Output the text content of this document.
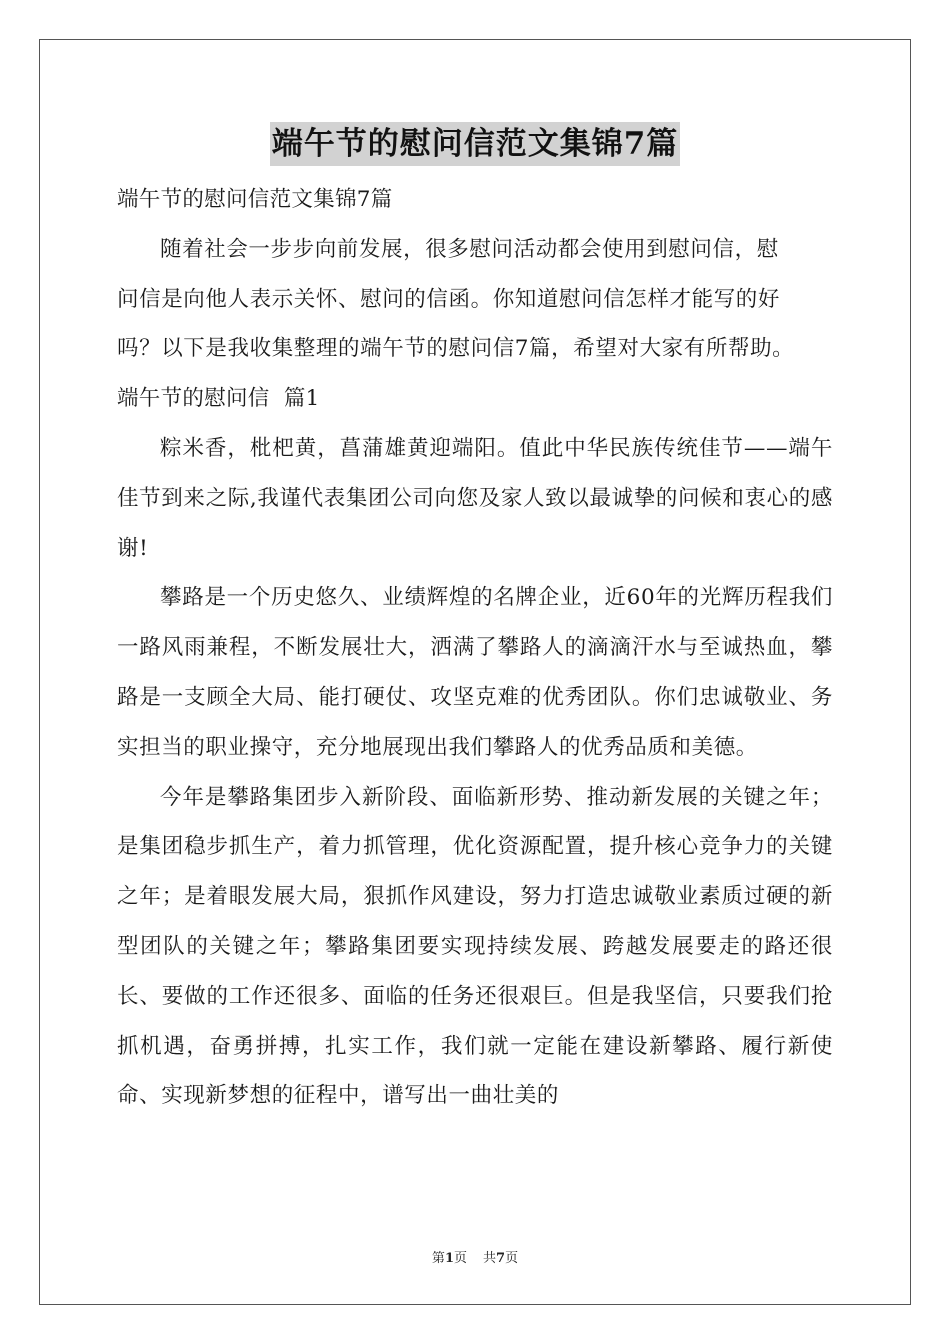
端午节的慰问信范文集锦7篇
端午节的慰问信范文集锦7篇
随着社会一步步向前发展，很多慰问活动都会使用到慰问信，慰
问信是向他人表示关怀、慰问的信函。你知道慰问信怎样才能写的好
吗？以下是我收集整理的端午节的慰问信7篇，希望对大家有所帮助。
端午节的慰问信  篇1
粽米香，枇杷黄，菖蒲雄黄迎端阳。值此中华民族传统佳节——端午佳节到来之际,我谨代表集团公司向您及家人致以最诚挚的问候和衷心的感谢!
攀路是一个历史悠久、业绩辉煌的名牌企业，近60年的光辉历程我们一路风雨兼程，不断发展壮大，洒满了攀路人的滴滴汗水与至诚热血，攀路是一支顾全大局、能打硬仗、攻坚克难的优秀团队。你们忠诚敬业、务实担当的职业操守，充分地展现出我们攀路人的优秀品质和美德。
今年是攀路集团步入新阶段、面临新形势、推动新发展的关键之年；是集团稳步抓生产，着力抓管理，优化资源配置，提升核心竞争力的关键之年；是着眼发展大局，狠抓作风建设，努力打造忠诚敬业素质过硬的新型团队的关键之年；攀路集团要实现持续发展、跨越发展要走的路还很长、要做的工作还很多、面临的任务还很艰巨。但是我坚信，只要我们抢抓机遇，奋勇拼搏，扎实工作，我们就一定能在建设新攀路、履行新使命、实现新梦想的征程中，谱写出一曲壮美的
第1页 共7页
